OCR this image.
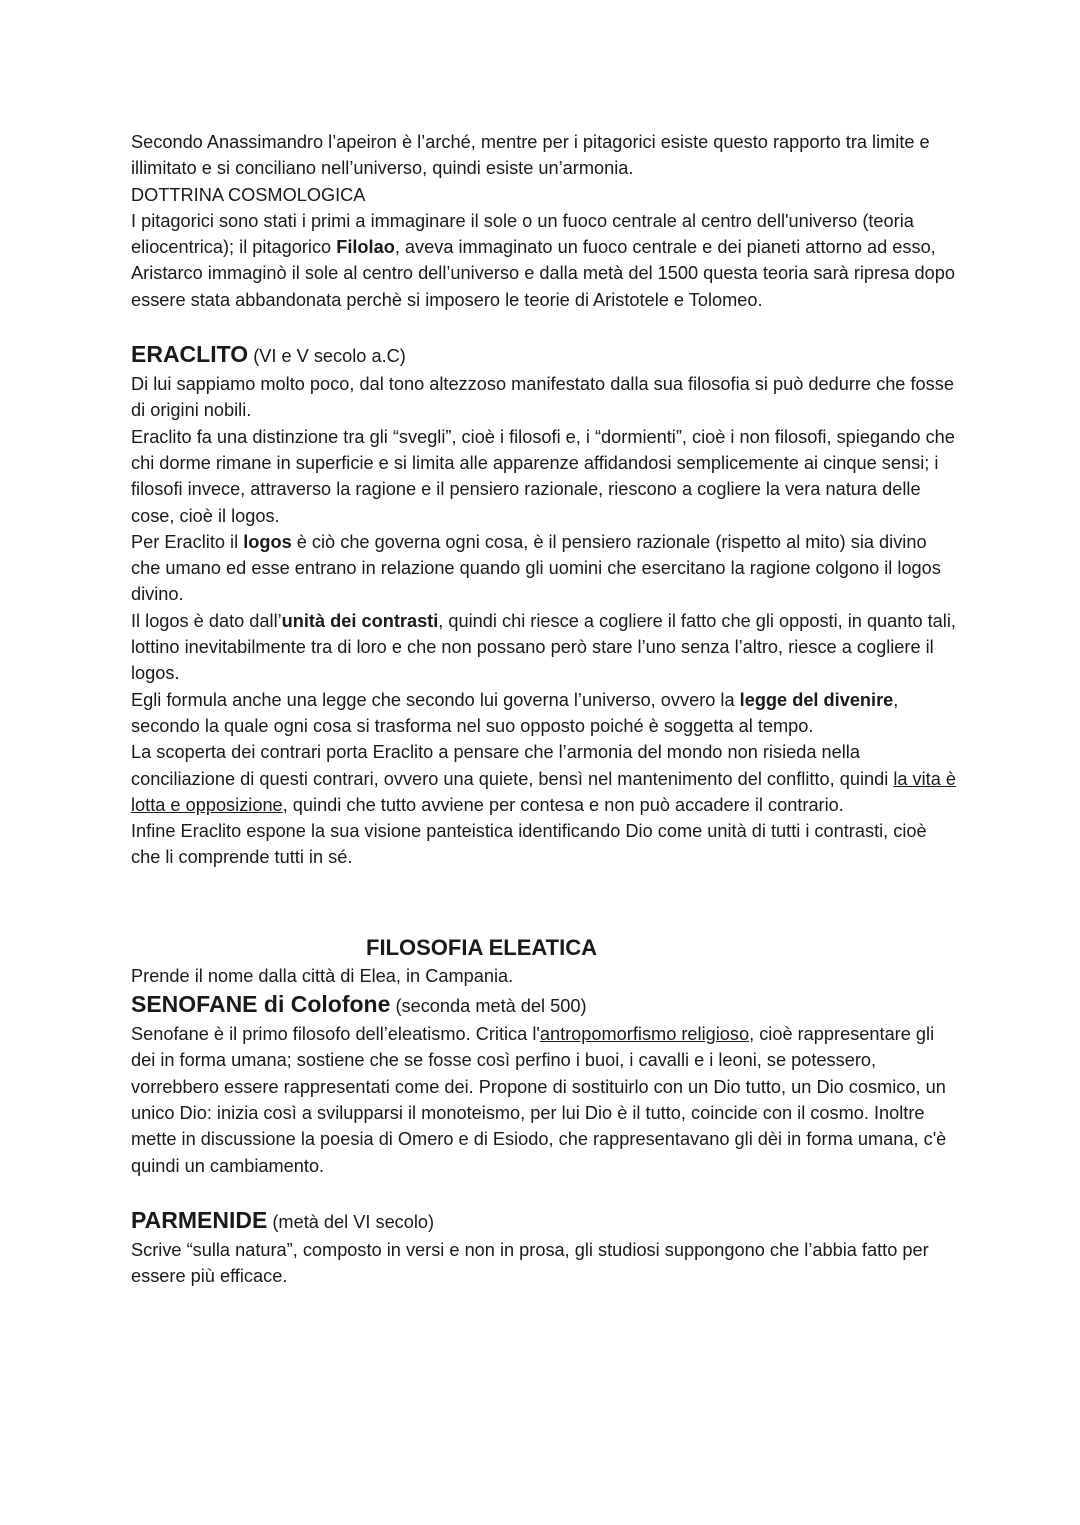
Secondo Anassimandro l’apeiron è l’arché, mentre per i pitagorici esiste questo rapporto tra limite e illimitato e si conciliano nell’universo, quindi esiste un’armonia.

DOTTRINA COSMOLOGICA

I pitagorici sono stati i primi a immaginare il sole o un fuoco centrale al centro dell'universo (teoria eliocentrica); il pitagorico Filolao, aveva immaginato un fuoco centrale e dei pianeti attorno ad esso, Aristarco immaginò il sole al centro dell’universo e dalla metà del 1500 questa teoria sarà ripresa dopo essere stata abbandonata perchè si imposero le teorie di Aristotele e Tolomeo.

ERACLITO (VI e V secolo a.C)

Di lui sappiamo molto poco, dal tono altezzoso manifestato dalla sua filosofia si può dedurre che fosse di origini nobili.

Eraclito fa una distinzione tra gli “svegli”, cioè i filosofi e, i “dormienti”, cioè i non filosofi, spiegando che chi dorme rimane in superficie e si limita alle apparenze affidandosi semplicemente ai cinque sensi; i filosofi invece, attraverso la ragione e il pensiero razionale, riescono a cogliere la vera natura delle cose, cioè il logos.

Per Eraclito il logos è ciò che governa ogni cosa, è il pensiero razionale (rispetto al mito) sia divino che umano ed esse entrano in relazione quando gli uomini che esercitano la ragione colgono il logos divino.

Il logos è dato dall’unità dei contrasti, quindi chi riesce a cogliere il fatto che gli opposti, in quanto tali, lottino inevitabilmente tra di loro e che non possano però stare l’uno senza l’altro, riesce a cogliere il logos.

Egli formula anche una legge che secondo lui governa l’universo, ovvero la legge del divenire, secondo la quale ogni cosa si trasforma nel suo opposto poiché è soggetta al tempo.

La scoperta dei contrari porta Eraclito a pensare che l’armonia del mondo non risieda nella conciliazione di questi contrari, ovvero una quiete, bensì nel mantenimento del conflitto, quindi la vita è lotta e opposizione, quindi che tutto avviene per contesa e non può accadere il contrario.

Infine Eraclito espone la sua visione panteistica identificando Dio come unità di tutti i contrasti, cioè che li comprende tutti in sé.

FILOSOFIA ELEATICA

Prende il nome dalla città di Elea, in Campania.

SENOFANE di Colofone (seconda metà del 500)

Senofane è il primo filosofo dell’eleatismo. Critica l'antropomorfismo religioso, cioè rappresentare gli dei in forma umana; sostiene che se fosse così perfino i buoi, i cavalli e i leoni, se potessero, vorrebbero essere rappresentati come dei. Propone di sostituirlo con un Dio tutto, un Dio cosmico, un unico Dio: inizia così a svilupparsi il monoteismo, per lui Dio è il tutto, coincide con il cosmo. Inoltre mette in discussione la poesia di Omero e di Esiodo, che rappresentavano gli dèi in forma umana, c'è quindi un cambiamento.

PARMENIDE (metà del VI secolo)

Scrive “sulla natura”, composto in versi e non in prosa, gli studiosi suppongono che l’abbia fatto per essere più efficace.
